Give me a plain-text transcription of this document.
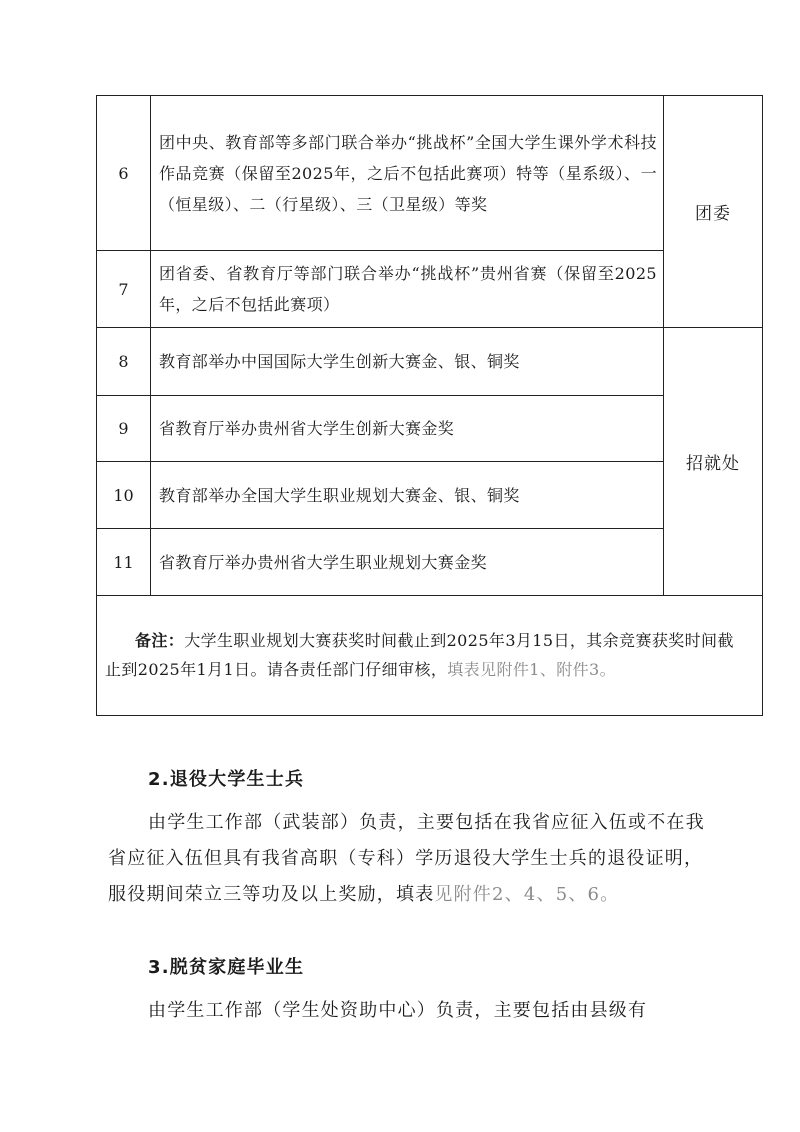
6	团中央、教育部等多部门联合举办“挑战杯”全国大学生课外学术科技作品竞赛（保留至2025年，之后不包括此赛项）特等（星系级）、一（恒星级）、二（行星级）、三（卫星级）等奖	团委
7	团省委、省教育厅等部门联合举办“挑战杯”贵州省赛（保留至2025年，之后不包括此赛项）	

8	教育部举办中国国际大学生创新大赛金、银、铜奖	招就处
9	省教育厅举办贵州省大学生创新大赛金奖	

10	教育部举办全国大学生职业规划大赛金、银、铜奖	

11	省教育厅举办贵州省大学生职业规划大赛金奖	

备注：大学生职业规划大赛获奖时间截止到2025年3月15日，其余竞赛获奖时间截止到2025年1月1日。请各责任部门仔细审核，填表见附件1、附件3。		
2.退役大学生士兵
由学生工作部（武装部）负责，主要包括在我省应征入伍或不在我省应征入伍但具有我省高职（专科）学历退役大学生士兵的退役证明，服役期间荣立三等功及以上奖励，填表见附件2、4、5、6。
3.脱贫家庭毕业生
由学生工作部（学生处资助中心）负责，主要包括由县级有
